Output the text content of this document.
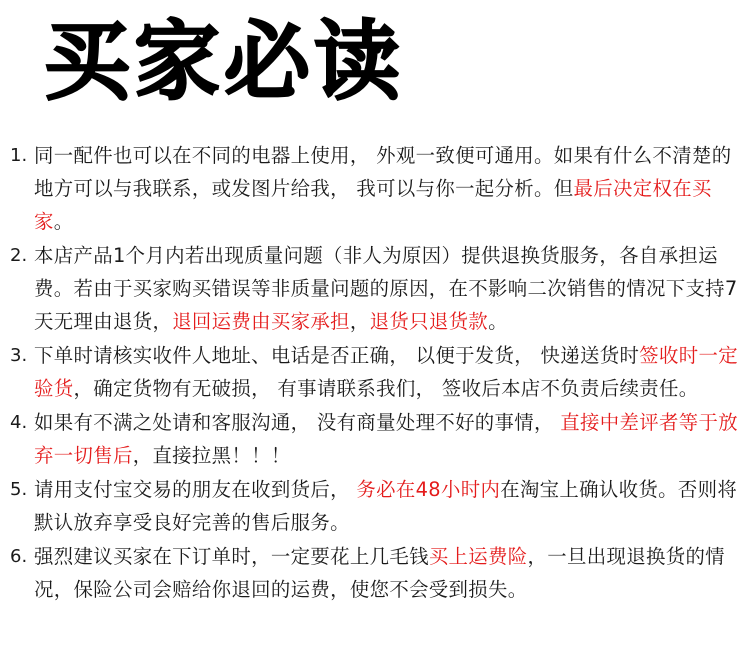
买家必读
1. 同一配件也可以在不同的电器上使用， 外观一致便可通用。如果有什么不清楚的地方可以与我联系，或发图片给我， 我可以与你一起分析。但最后决定权在买家。
2. 本店产品1个月内若出现质量问题（非人为原因）提供退换货服务，各自承担运费。若由于买家购买错误等非质量问题的原因，在不影响二次销售的情况下支持7天无理由退货，退回运费由买家承担，退货只退货款。
3. 下单时请核实收件人地址、电话是否正确， 以便于发货， 快递送货时签收时一定验货，确定货物有无破损， 有事请联系我们， 签收后本店不负责后续责任。
4. 如果有不满之处请和客服沟通， 没有商量处理不好的事情， 直接中差评者等于放弃一切售后，直接拉黑！！！
5. 请用支付宝交易的朋友在收到货后， 务必在48小时内在淘宝上确认收货。否则将默认放弃享受良好完善的售后服务。
6. 强烈建议买家在下订单时，一定要花上几毛钱买上运费险，一旦出现退换货的情况，保险公司会赔给你退回的运费，使您不会受到损失。
